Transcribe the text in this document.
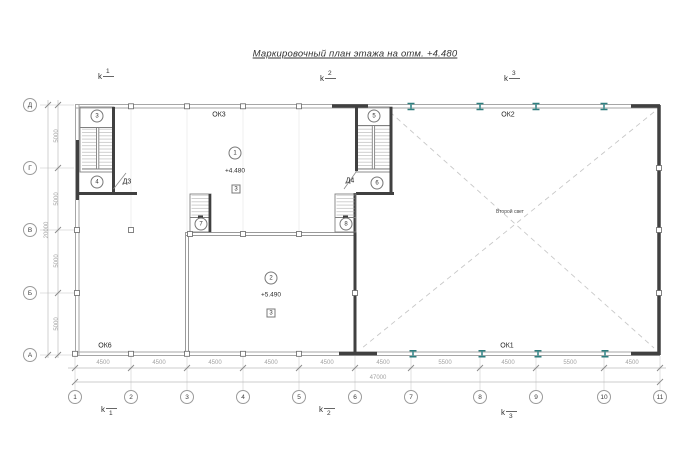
Маркировочный план этажа на отм. +4.480
k
1
k
2
k
3
k 1	k 2	k 3
Д
Г
В
Б
А
1	2	3	4	5	6	7	8	9	10	11
5000
5000
5000
5000
20000
4500	4500	4500	4500	4500	4500	5500	4500	5500	4500
47000
ОК3	ОК2
ОК1
ОК6
Д3	Д4
Второй свет
+4.480
+5.490
1
2
3
4
5
6
7	8
3
3
